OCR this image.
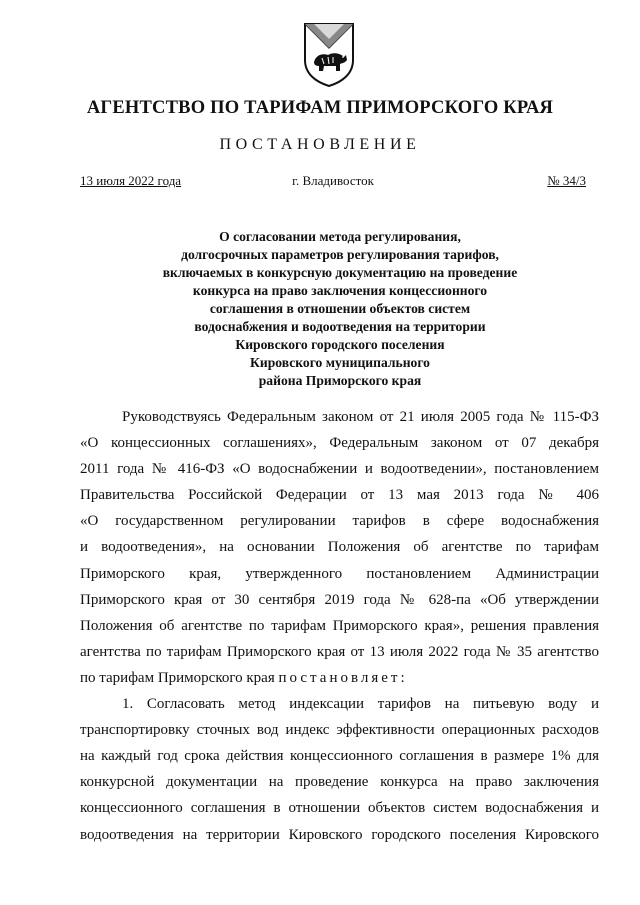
АГЕНТСТВО ПО ТАРИФАМ ПРИМОРСКОГО КРАЯ
ПОСТАНОВЛЕНИЕ
13 июля 2022 года	г. Владивосток	№ 34/3
О согласовании метода регулирования,
долгосрочных параметров регулирования тарифов,
включаемых в конкурсную документацию на проведение
конкурса на право заключения концессионного
соглашения в отношении объектов систем
водоснабжения и водоотведения на территории
Кировского городского поселения
Кировского муниципального
района Приморского края
Руководствуясь Федеральным законом от 21 июля 2005 года № 115-ФЗ
«О концессионных соглашениях», Федеральным законом от 07 декабря
2011 года № 416-ФЗ «О водоснабжении и водоотведении», постановлением
Правительства Российской Федерации от 13 мая 2013 года № 406
«О государственном регулировании тарифов в сфере водоснабжения
и водоотведения», на основании Положения об агентстве по тарифам
Приморского края, утвержденного постановлением Администрации
Приморского края от 30 сентября 2019 года № 628-па «Об утверждении
Положения об агентстве по тарифам Приморского края», решения правления
агентства по тарифам Приморского края от 13 июля 2022 года № 35 агентство
по тарифам Приморского края постановляет:
1. Согласовать метод индексации тарифов на питьевую воду и
транспортировку сточных вод индекс эффективности операционных расходов
на каждый год срока действия концессионного соглашения в размере 1% для
конкурсной документации на проведение конкурса на право заключения
концессионного соглашения в отношении объектов систем водоснабжения и
водоотведения на территории Кировского городского поселения Кировского
